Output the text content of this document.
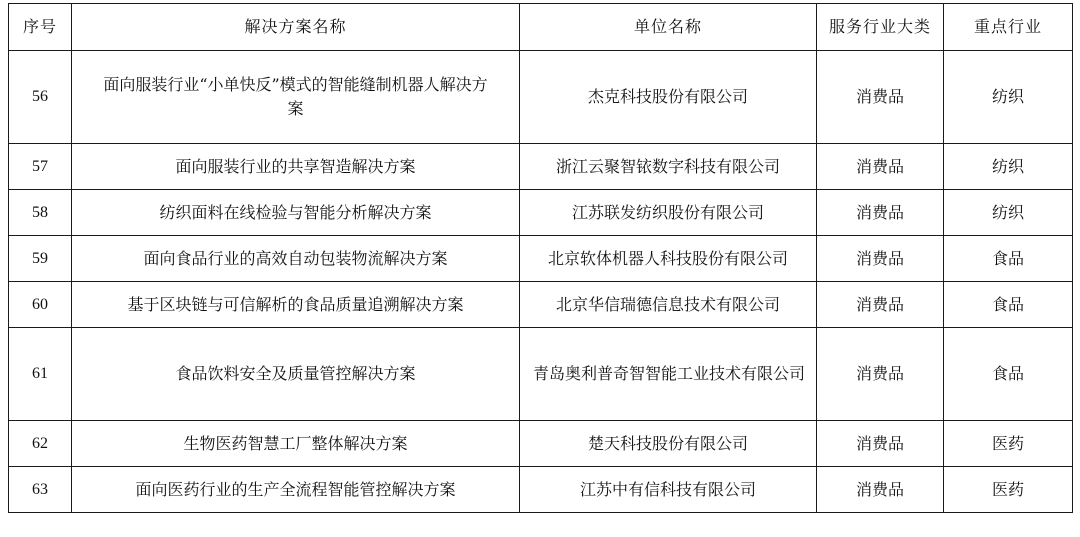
序号	解决方案名称	单位名称	服务行业大类	重点行业
56	面向服装行业“小单快反”模式的智能缝制机器人解决方案	杰克科技股份有限公司	消费品	纺织
57	面向服装行业的共享智造解决方案	浙江云聚智铱数字科技有限公司	消费品	纺织
58	纺织面料在线检验与智能分析解决方案	江苏联发纺织股份有限公司	消费品	纺织
59	面向食品行业的高效自动包装物流解决方案	北京软体机器人科技股份有限公司	消费品	食品
60	基于区块链与可信解析的食品质量追溯解决方案	北京华信瑞德信息技术有限公司	消费品	食品
61	食品饮料安全及质量管控解决方案	青岛奥利普奇智智能工业技术有限公司	消费品	食品
62	生物医药智慧工厂整体解决方案	楚天科技股份有限公司	消费品	医药
63	面向医药行业的生产全流程智能管控解决方案	江苏中有信科技有限公司	消费品	医药
